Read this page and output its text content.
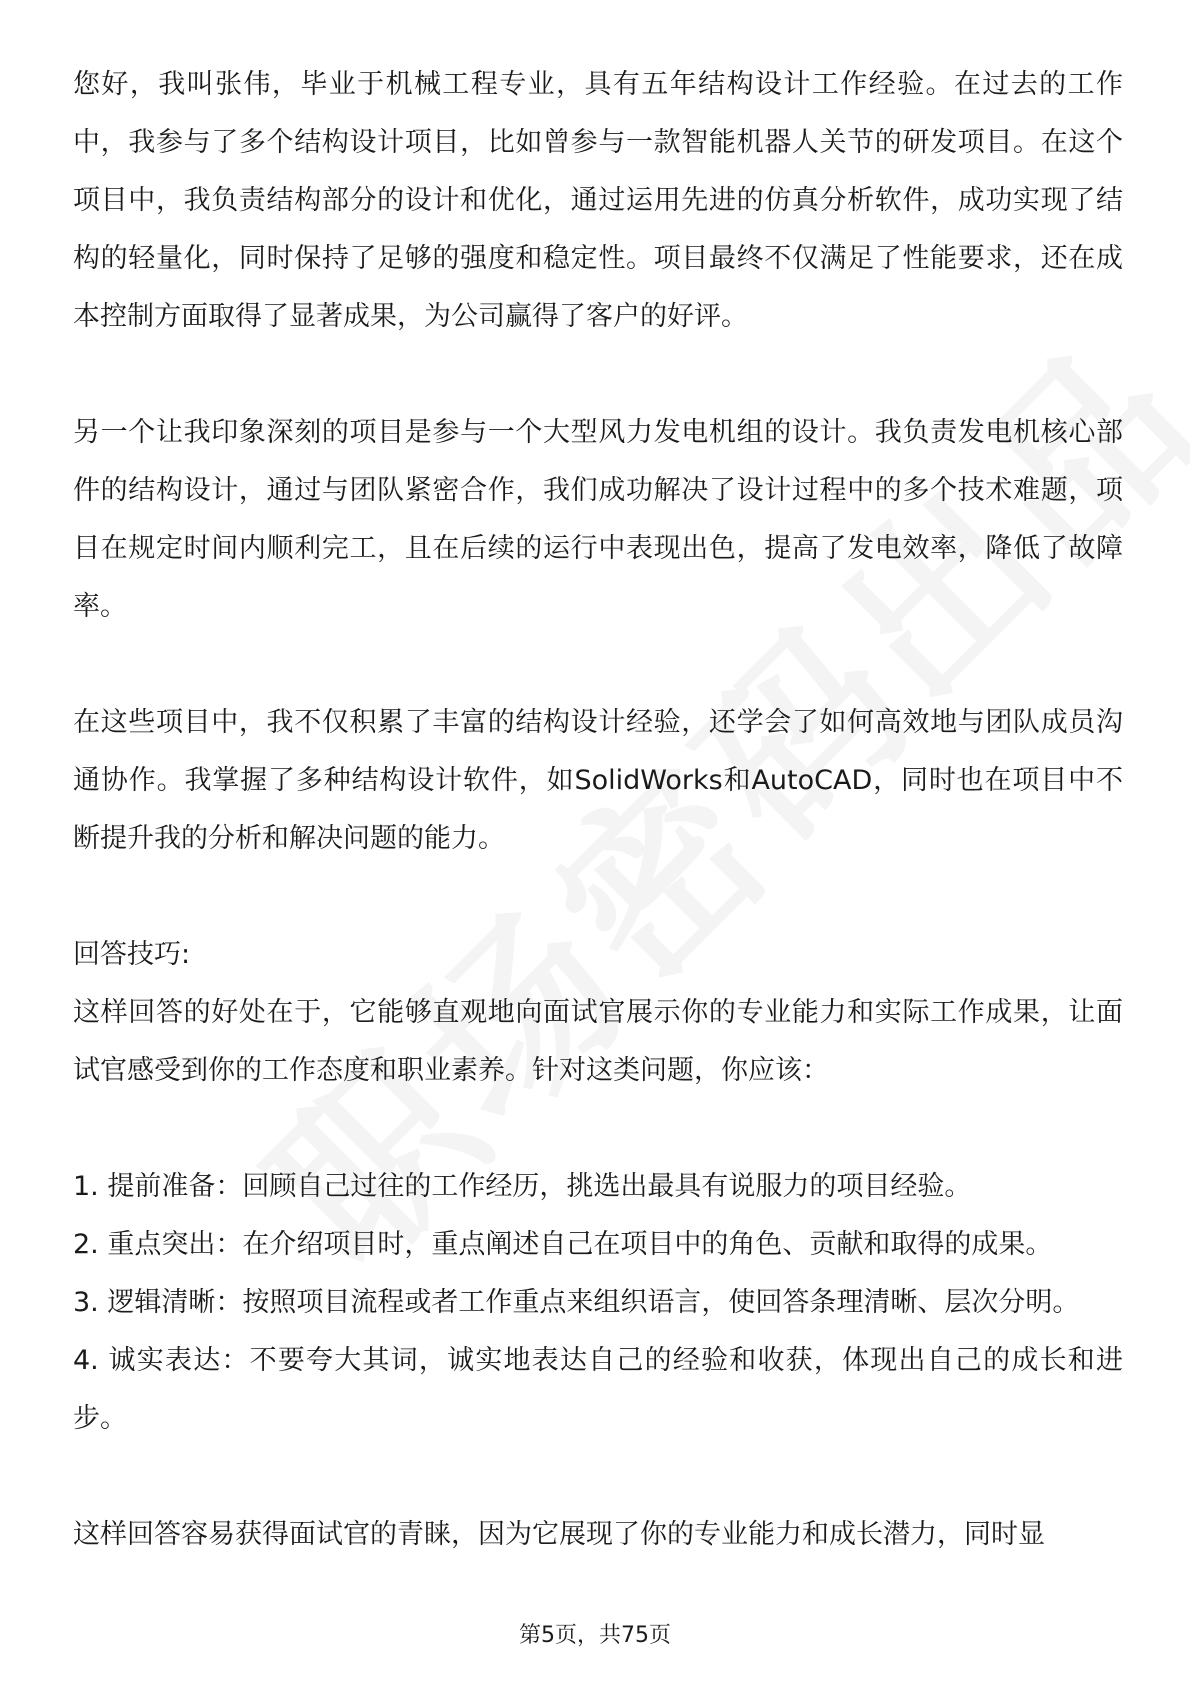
您好，我叫张伟，毕业于机械工程专业，具有五年结构设计工作经验。在过去的工作中，我参与了多个结构设计项目，比如曾参与一款智能机器人关节的研发项目。在这个项目中，我负责结构部分的设计和优化，通过运用先进的仿真分析软件，成功实现了结构的轻量化，同时保持了足够的强度和稳定性。项目最终不仅满足了性能要求，还在成本控制方面取得了显著成果，为公司赢得了客户的好评。

另一个让我印象深刻的项目是参与一个大型风力发电机组的设计。我负责发电机核心部件的结构设计，通过与团队紧密合作，我们成功解决了设计过程中的多个技术难题，项目在规定时间内顺利完工，且在后续的运行中表现出色，提高了发电效率，降低了故障率。

在这些项目中，我不仅积累了丰富的结构设计经验，还学会了如何高效地与团队成员沟通协作。我掌握了多种结构设计软件，如SolidWorks和AutoCAD，同时也在项目中不断提升我的分析和解决问题的能力。

回答技巧:

这样回答的好处在于，它能够直观地向面试官展示你的专业能力和实际工作成果，让面试官感受到你的工作态度和职业素养。针对这类问题，你应该：

1. 提前准备：回顾自己过往的工作经历，挑选出最具有说服力的项目经验。

2. 重点突出：在介绍项目时，重点阐述自己在项目中的角色、贡献和取得的成果。

3. 逻辑清晰：按照项目流程或者工作重点来组织语言，使回答条理清晰、层次分明。

4. 诚实表达：不要夸大其词，诚实地表达自己的经验和收获，体现出自己的成长和进步。

这样回答容易获得面试官的青睐，因为它展现了你的专业能力和成长潜力，同时显

第5页，共75页
